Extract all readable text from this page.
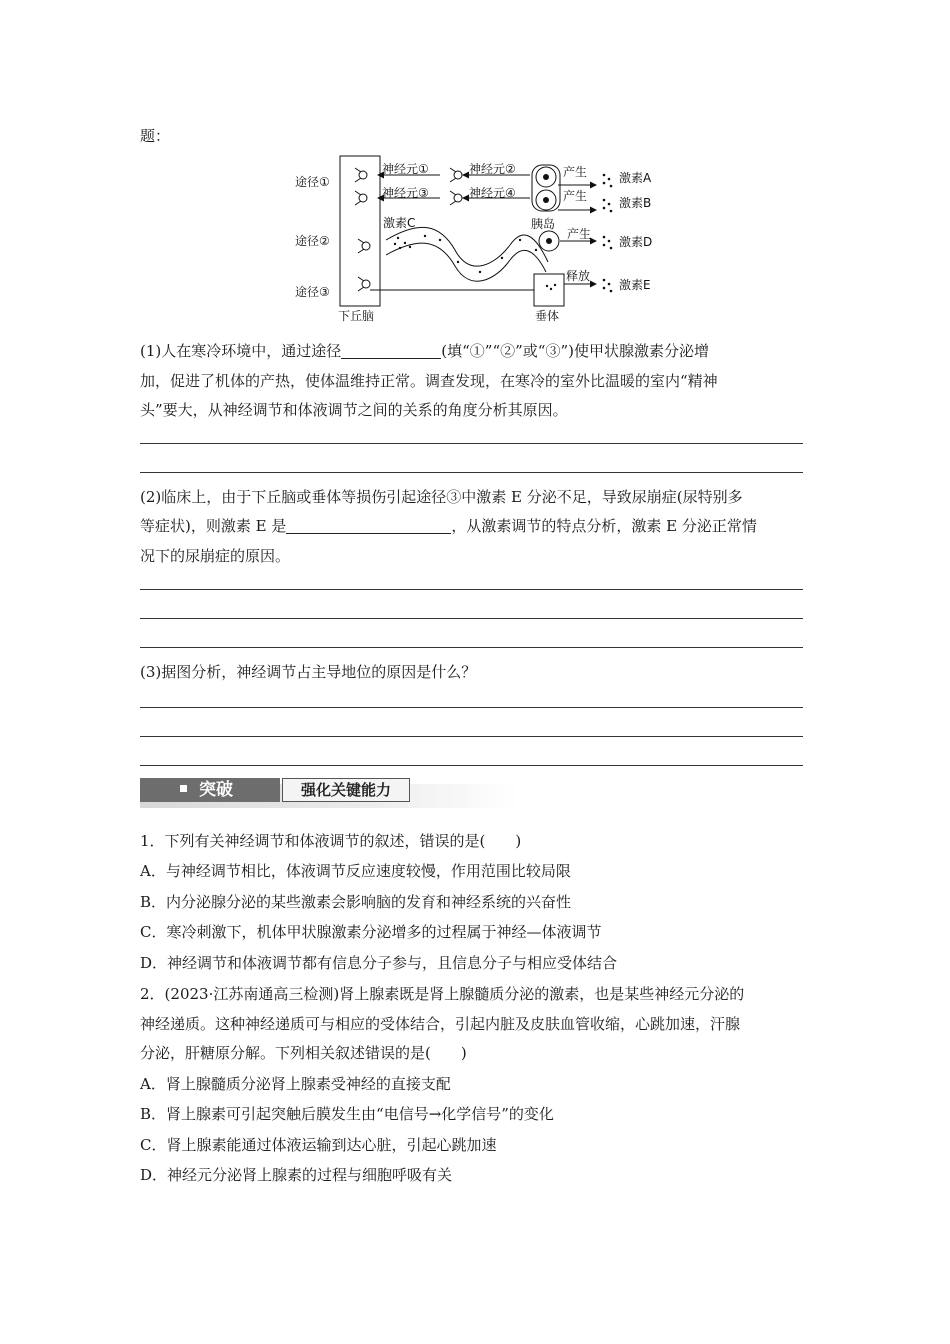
题：
途径①
途径②
途径③
神经元①	神经元②
神经元③	神经元④
产生
产生
产生
释放
激素A
激素B
激素C
激素D
激素E
胰岛
下丘脑	垂体
(1)人在寒冷环境中，通过途径	(填“①”“②”或“③”)使甲状腺激素分泌增
加，促进了机体的产热，使体温维持正常。调查发现，在寒冷的室外比温暖的室内“精神
头”要大，从神经调节和体液调节之间的关系的角度分析其原因。
(2)临床上，由于下丘脑或垂体等损伤引起途径③中激素 E 分泌不足，导致尿崩症(尿特别多
等症状)，则激素 E 是	，从激素调节的特点分析，激素 E 分泌正常情
况下的尿崩症的原因。
(3)据图分析，神经调节占主导地位的原因是什么？
突破	强化关键能力
1．下列有关神经调节和体液调节的叙述，错误的是(　　)
A．与神经调节相比，体液调节反应速度较慢，作用范围比较局限
B．内分泌腺分泌的某些激素会影响脑的发育和神经系统的兴奋性
C．寒冷刺激下，机体甲状腺激素分泌增多的过程属于神经—体液调节
D．神经调节和体液调节都有信息分子参与，且信息分子与相应受体结合
2．(2023·江苏南通高三检测)肾上腺素既是肾上腺髓质分泌的激素，也是某些神经元分泌的
神经递质。这种神经递质可与相应的受体结合，引起内脏及皮肤血管收缩，心跳加速，汗腺
分泌，肝糖原分解。下列相关叙述错误的是(　　)
A．肾上腺髓质分泌肾上腺素受神经的直接支配
B．肾上腺素可引起突触后膜发生由“电信号→化学信号”的变化
C．肾上腺素能通过体液运输到达心脏，引起心跳加速
D．神经元分泌肾上腺素的过程与细胞呼吸有关
